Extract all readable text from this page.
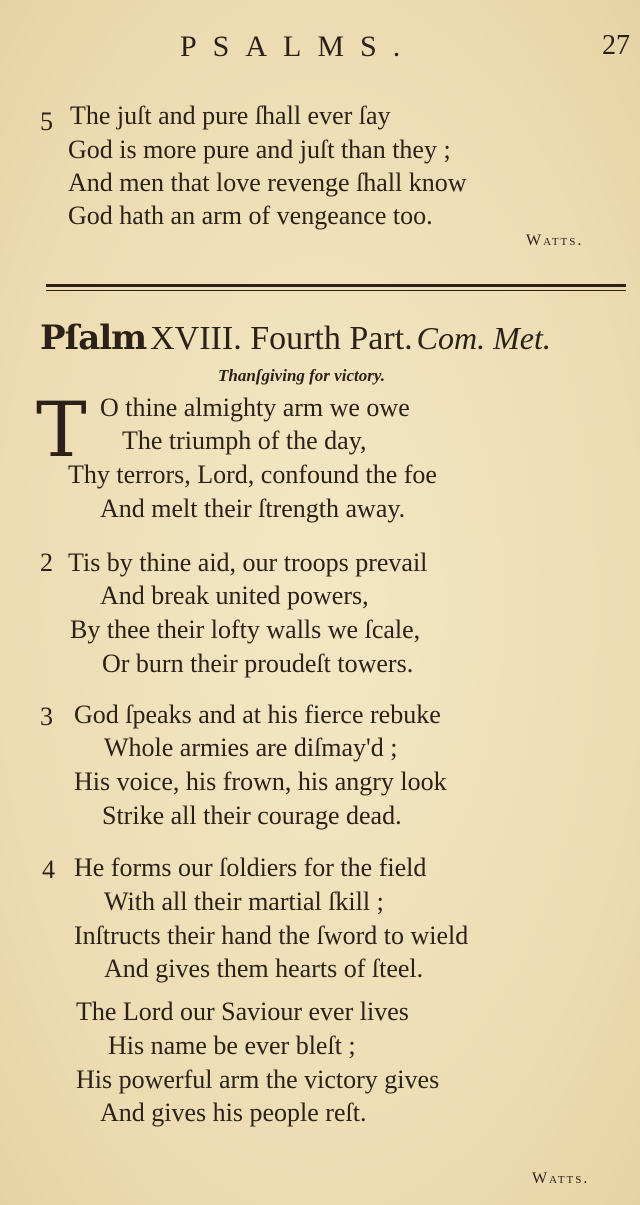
PSALMS.	27
5 The juſt and pure ſhall ever ſay
God is more pure and juſt than they ;
And men that love revenge ſhall know
God hath an arm of vengeance too.
Watts.
Pſalm XVIII. Fourth Part. Com. Met.
Thanſgiving for victory.
T O thine almighty arm we owe
The triumph of the day,
Thy terrors, Lord, confound the foe
And melt their ſtrength away.
2 Tis by thine aid, our troops prevail
And break united powers,
By thee their lofty walls we ſcale,
Or burn their proudeſt towers.
3 God ſpeaks and at his fierce rebuke
Whole armies are diſmay'd ;
His voice, his frown, his angry look
Strike all their courage dead.
4 He forms our ſoldiers for the field
With all their martial ſkill ;
Inſtructs their hand the ſword to wield
And gives them hearts of ſteel.
The Lord our Saviour ever lives
His name be ever bleſt ;
His powerful arm the victory gives
And gives his people reſt.
Watts.
